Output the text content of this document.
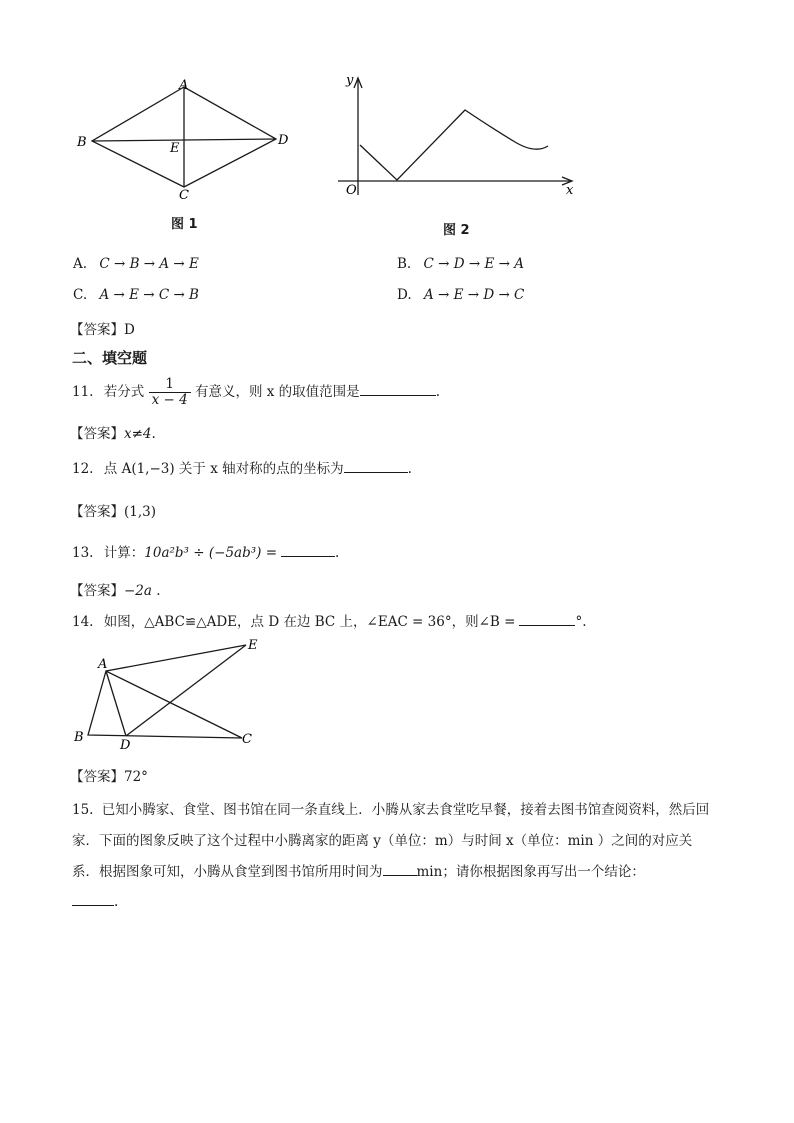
A
B
C
D
E
图 1
y
x
O
图 2
A. C → B → A → E	B. C → D → E → A
C. A → E → C → B	D. A → E → D → C
【答案】D
二、填空题
11. 若分式 $\frac{1}{x - 4}$ 有意义，则 x 的取值范围是	.
【答案】x≠4.
12. 点 A(1,−3) 关于 x 轴对称的点的坐标为	.
【答案】(1,3)
13. 计算：10a²b³ ÷ (−5ab³) =	.
【答案】−2a .
14. 如图，△ABC≌△ADE，点 D 在边 BC 上，∠EAC = 36°，则∠B =	°.
A
B	C
D
E
【答案】72°
15. 已知小腾家、食堂、图书馆在同一条直线上．小腾从家去食堂吃早餐，接着去图书馆查阅资料，然后回
家．下面的图象反映了这个过程中小腾离家的距离 y（单位：m）与时间 x（单位：min ）之间的对应关
系．根据图象可知，小腾从食堂到图书馆所用时间为	min；请你根据图象再写出一个结论：
.
